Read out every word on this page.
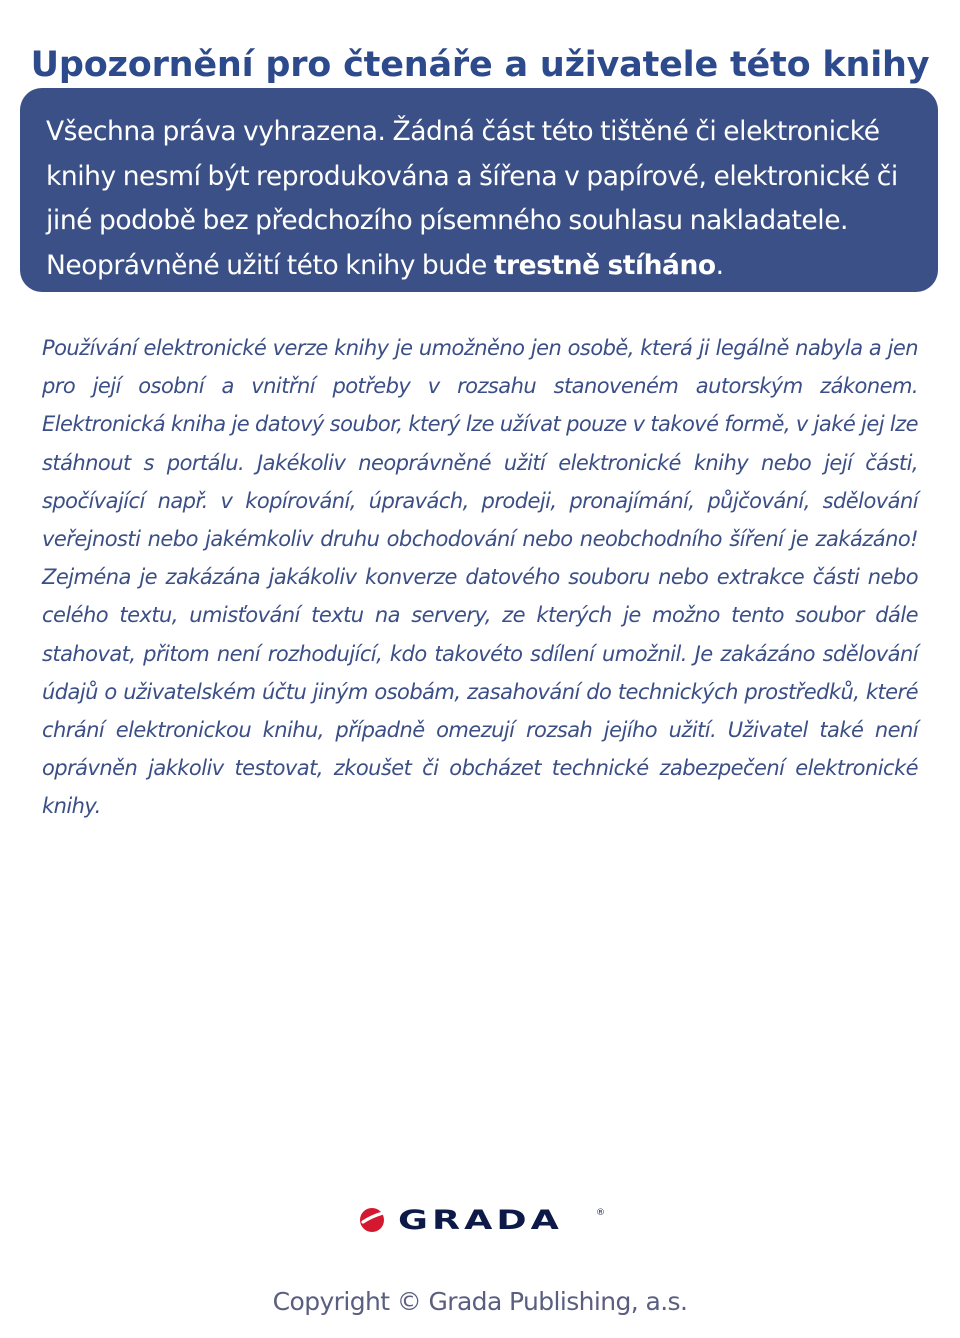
Upozornění pro čtenáře a uživatele této knihy

Všechna práva vyhrazena. Žádná část této tištěné či elektronické knihy nesmí být reprodukována a šířena v papírové, elektronické či jiné podobě bez předchozího písemného souhlasu nakladatele. Neoprávněné užití této knihy bude trestně stíháno.

Používání elektronické verze knihy je umožněno jen osobě, která ji legálně nabyla a jen pro její osobní a vnitřní potřeby v rozsahu stanoveném autorským zákonem. Elektronická kniha je datový soubor, který lze užívat pouze v takové formě, v jaké jej lze stáhnout s portálu. Jakékoliv neoprávněné užití elektronické knihy nebo její části, spočívající např. v kopírování, úpravách, prodeji, pronajímání, půjčování, sdělování veřejnosti nebo jakémkoliv druhu obchodování nebo neobchodního šíření je zakázáno! Zejména je zakázána jakákoliv konverze datového souboru nebo extrakce části nebo celého textu, umisťování textu na servery, ze kterých je možno tento soubor dále stahovat, přitom není rozhodující, kdo takovéto sdílení umožnil. Je zakázáno sdělování údajů o uživatelském účtu jiným osobám, zasahování do technických prostředků, které chrání elektronickou knihu, případně omezují rozsah jejího užití. Uživatel také není oprávněn jakkoliv testovat, zkoušet či obcházet technické zabezpečení elektronické knihy.

GRADA	®
Copyright © Grada Publishing, a.s.
